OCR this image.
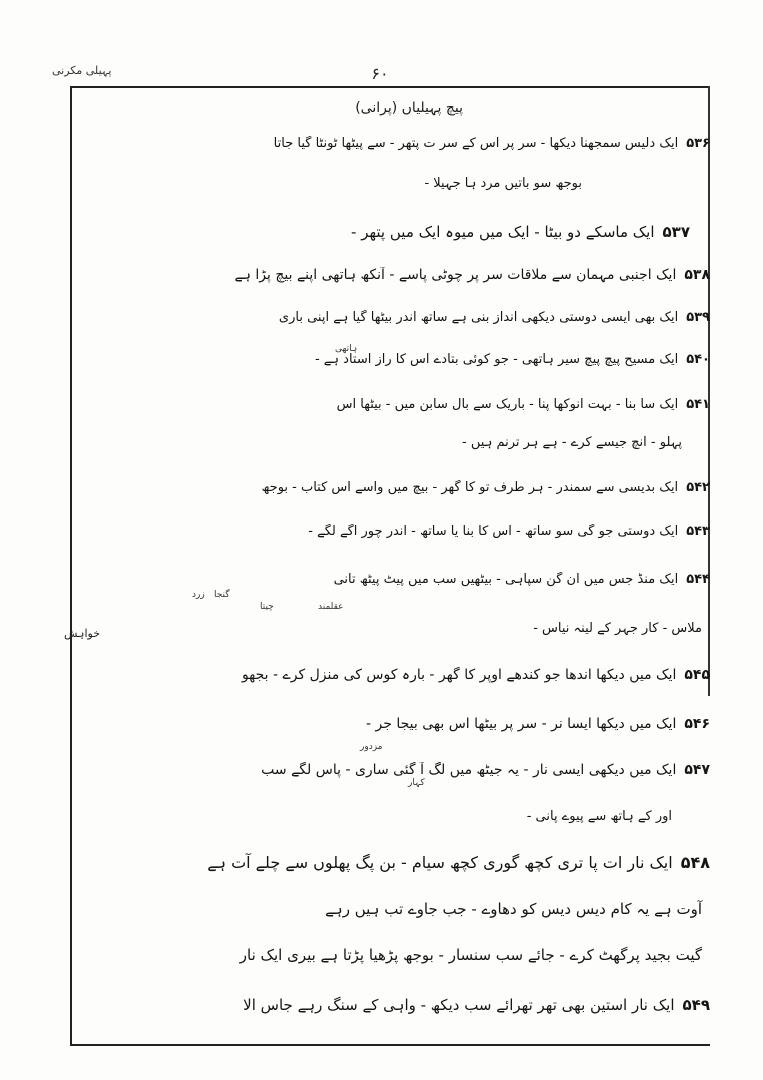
پہیلی مکرنی	۶۰
پیچ پہیلیاں (پرانی)
۵۳۶ایک دلیس سمجھنا دیکھا - سر پر آس کے سر ت پتھر - سے پیٹھا ٹونٹا گیا جاتا
بوجھ سو باتیں مرد ہا جہیلا -
۵۳۷ایک ماسکے دو بیٹا - ایک میں میوہ ایک میں پتھر -
۵۳۸ایک اجنبی مہمان سے ملاقات سر پر چوٹی پاسے - آنکھ ہاتھی اپنے بیچ پڑا ہے
۵۳۹ایک بھی ایسی دوستی دیکھی انداز بنی ہے ساتھ اندر بیٹھا گیا ہے اپنی باری
۵۴۰ایک مسیح پیچ پیچ سیر ہاتھی - جو کوئی بتادے اس کا راز استاد ہے -
۵۴۱ایک سا بنا - بہت انوکھا پنا - باریک سے بال سابن میں - بیٹھا اس
پہلو - آنچ جیسے کرے - ہے ہر ترنم ہیں -
۵۴۲ایک بدیسی سے سمندر - ہر طرف تو کا گھر - بیچ میں واسے اس کتاب - بوجھ
۵۴۳ایک دوستی جو گی سو ساتھ - اس کا بنا یا ساتھ - اندر چور آگے لگے -
۵۴۴ایک منڈ جس میں ان گن سپاہی - بیٹھیں سب میں پیٹ پیٹھ تانی
ملاس - کار جہر کے لینہ نیاس -
۵۴۵ایک میں دیکھا اندھا جو کندھے اوپر کا گھر - بارہ کوس کی منزل کرے - بجھو
۵۴۶ایک میں دیکھا ایسا نر - سر پر بیٹھا اس بھی بیجا جر -
۵۴۷ایک میں دیکھی ایسی نار - یہ جیٹھ میں لگ آ گئی ساری - پاس لگے سب
اور کے ہاتھ سے پیوے پانی -
۵۴۸ایک نار ات پا تری کچھ گوری کچھ سیام - بن پگ پھلوں سے چلے آت ہے
آوت ہے یہ کام دیس دیس کو دھاوے - جب جاوے تب ہیں رہے
گیت بجید پرگھٹ کرے - جائے سب سنسار - بوجھ پڑھیا پڑتا ہے بیری ایک نار
۵۴۹ایک نار استین بھی تھر تھرائے سب دیکھ - واہی کے سنگ رہے جاس الا
ہاتھی
چیتا	عقلمند
مزدور
کہار
خواہش
گنجا
زرد
